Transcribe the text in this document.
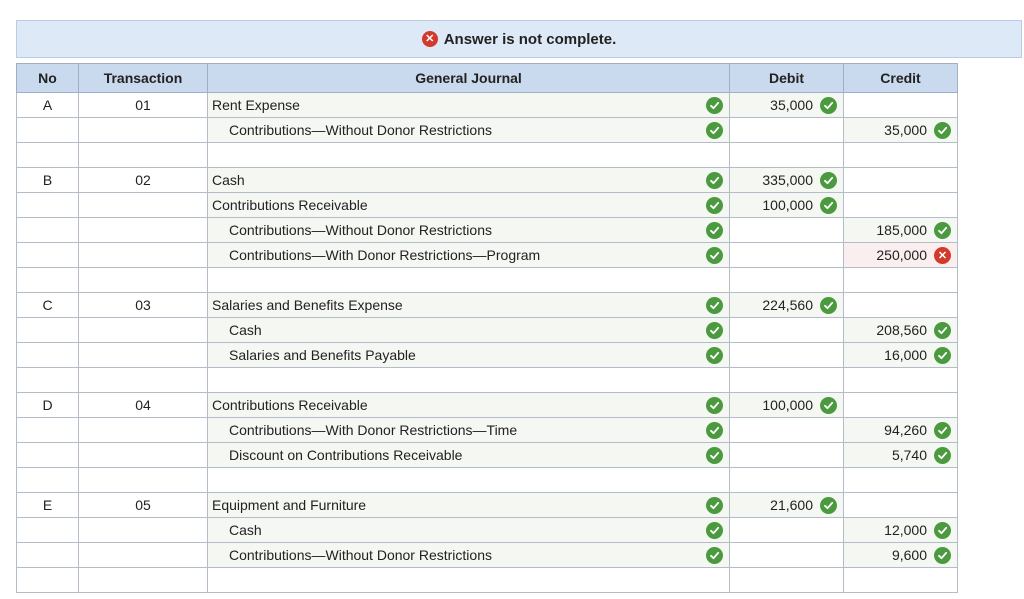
✕ Answer is not complete.
No	Transaction	General Journal	Debit	Credit
A	01	Rent Expense	35,000

		Contributions—Without Donor Restrictions		35,000

B	02	Cash	335,000

		Contributions Receivable	100,000

		Contributions—Without Donor Restrictions		185,000

		Contributions—With Donor Restrictions—Program		250,000 ✕

C	03	Salaries and Benefits Expense	224,560

		Cash		208,560

		Salaries and Benefits Payable		16,000

D	04	Contributions Receivable	100,000

		Contributions—With Donor Restrictions—Time		94,260

		Discount on Contributions Receivable		5,740

E	05	Equipment and Furniture	21,600

		Cash		12,000

		Contributions—Without Donor Restrictions		9,600
